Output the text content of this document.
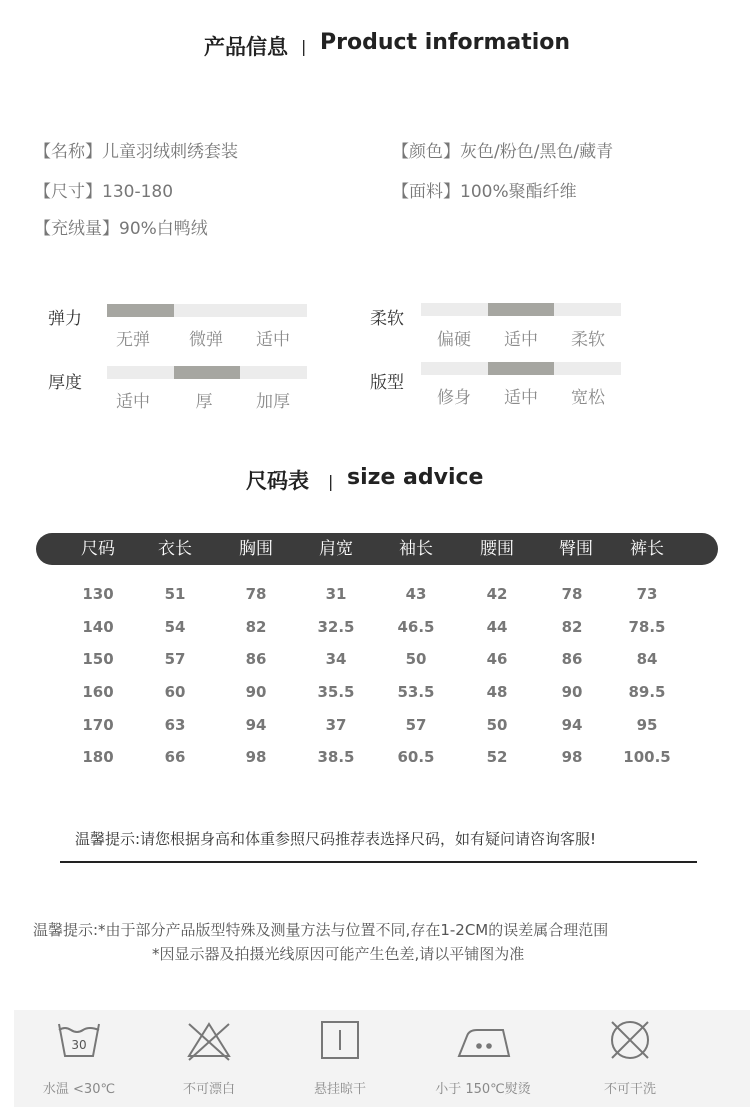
产品信息 | Product information
【名称】儿童羽绒刺绣套装	【颜色】灰色/粉色/黑色/藏青
【尺寸】130-180	【面料】100%聚酯纤维
【充绒量】90%白鸭绒
弹力
无弹	微弹	适中
柔软
偏硬	适中	柔软
厚度
适中	厚	加厚
版型
修身	适中	宽松
尺码表 | size advice
尺码	衣长	胸围	肩宽	袖长	腰围	臀围	裤长
130	51	78	31	43	42	78	73
140	54	82	32.5	46.5	44	82	78.5
150	57	86	34	50	46	86	84
160	60	90	35.5	53.5	48	90	89.5
170	63	94	37	57	50	94	95
180	66	98	38.5	60.5	52	98	100.5
温馨提示:请您根据身高和体重参照尺码推荐表选择尺码，如有疑问请咨询客服!
温馨提示:*由于部分产品版型特殊及测量方法与位置不同,存在1-2CM的误差属合理范围
*因显示器及拍摄光线原因可能产生色差,请以平铺图为准
30
水温 <30℃	不可漂白	悬挂晾干	小于 150℃熨烫	不可干洗
